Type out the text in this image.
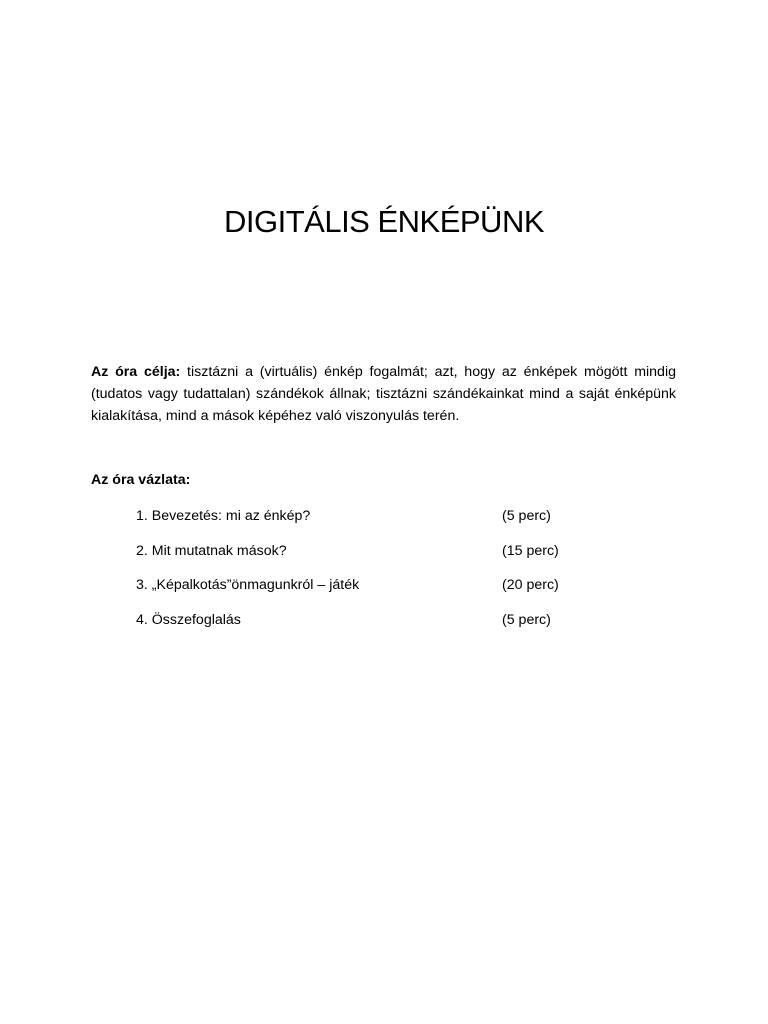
DIGITÁLIS ÉNKÉPÜNK

Az óra célja: tisztázni a (virtuális) énkép fogalmát; azt, hogy az énképek mögött mindig (tudatos vagy tudattalan) szándékok állnak; tisztázni szándékainkat mind a saját énképünk kialakítása, mind a mások képéhez való viszonyulás terén.

Az óra vázlata:

1. Bevezetés: mi az énkép?	(5 perc)
2. Mit mutatnak mások?	(15 perc)
3. „Képalkotás”önmagunkról – játék	(20 perc)
4. Összefoglalás	(5 perc)
